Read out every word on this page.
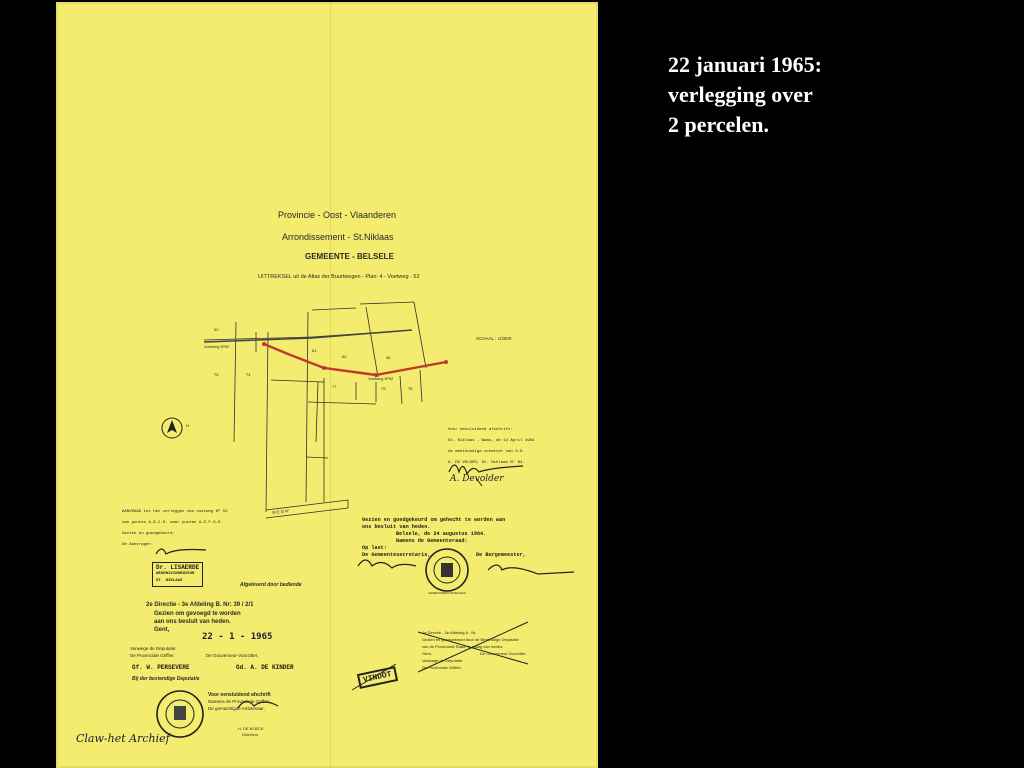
22 januari 1965:
verlegging over
2 percelen.
Provincie - Oost - Vlaanderen
Arrondissement - St.Niklaas
GEMEENTE - BELSELE
UITTREKSEL uit de Atlas der Buurtwegen - Plan: 4 - Voetweg - 52
SCHAAL : 1/2500
Voetweg Nº52
Voetweg Nº52
62
75	74
81
60	56
77	79	78
W E G N°
N
Voor eensluidend afschrift:
St. Niklaas - Waas, de 14 April 1964
de meetkundige-schatter van O.D.
A. DE VOLDER, St. Niklaas N° 84.
A. Devolder
AANVRAAG tot het verleggen van voetweg Nº 52
van punten A.B.C.D. naar punten A.E.F.G.D.
Gezien en goedgekeurd:
De Aanvrager:
Gezien en goedgekeurd om gehecht te worden aan
ons besluit van heden.
Belsele, de 24 augustus 1964.
Namens de Gemeenteraad:
Op last:
De Gemeentesecretaris,	De Burgemeester,
Dr. LISAERDE
WEGENISINGENIEUR
ST. NIKLAAS
Afgeleverd door bediende
2e Directie - 3e Afdeling B. Nr: 39 / 2/1
Gezien om gevoegd te worden
aan ons besluit van heden.
Gent,
22 - 1 - 1965
Vanwege de Deputatie:
De Provinciale Griffier,	De Gouverneur-Voorzitter,
Gf. W. PERSEVERE	Gd. A. DE KINDER
Bij der bestendige Deputatie
Voor eensluidend afschrift
Namens de Provinciale Griffier,
De gemachtigde Ambtenaar,
H. DE BOECK
Directeur
1e Directie - 3e Afdeling A - Nr.
Gezien en goedgekeurd door de Bestendige Deputatie
van de Provinciale Raad, in zitting van heden.
Gent,	De Gouverneur-Voorzitter,
Vanwege de Deputatie:
De Provinciale Griffier,
VINDOT
GEMEENTEBESTUUR BELSELE
Claw-het Archief
